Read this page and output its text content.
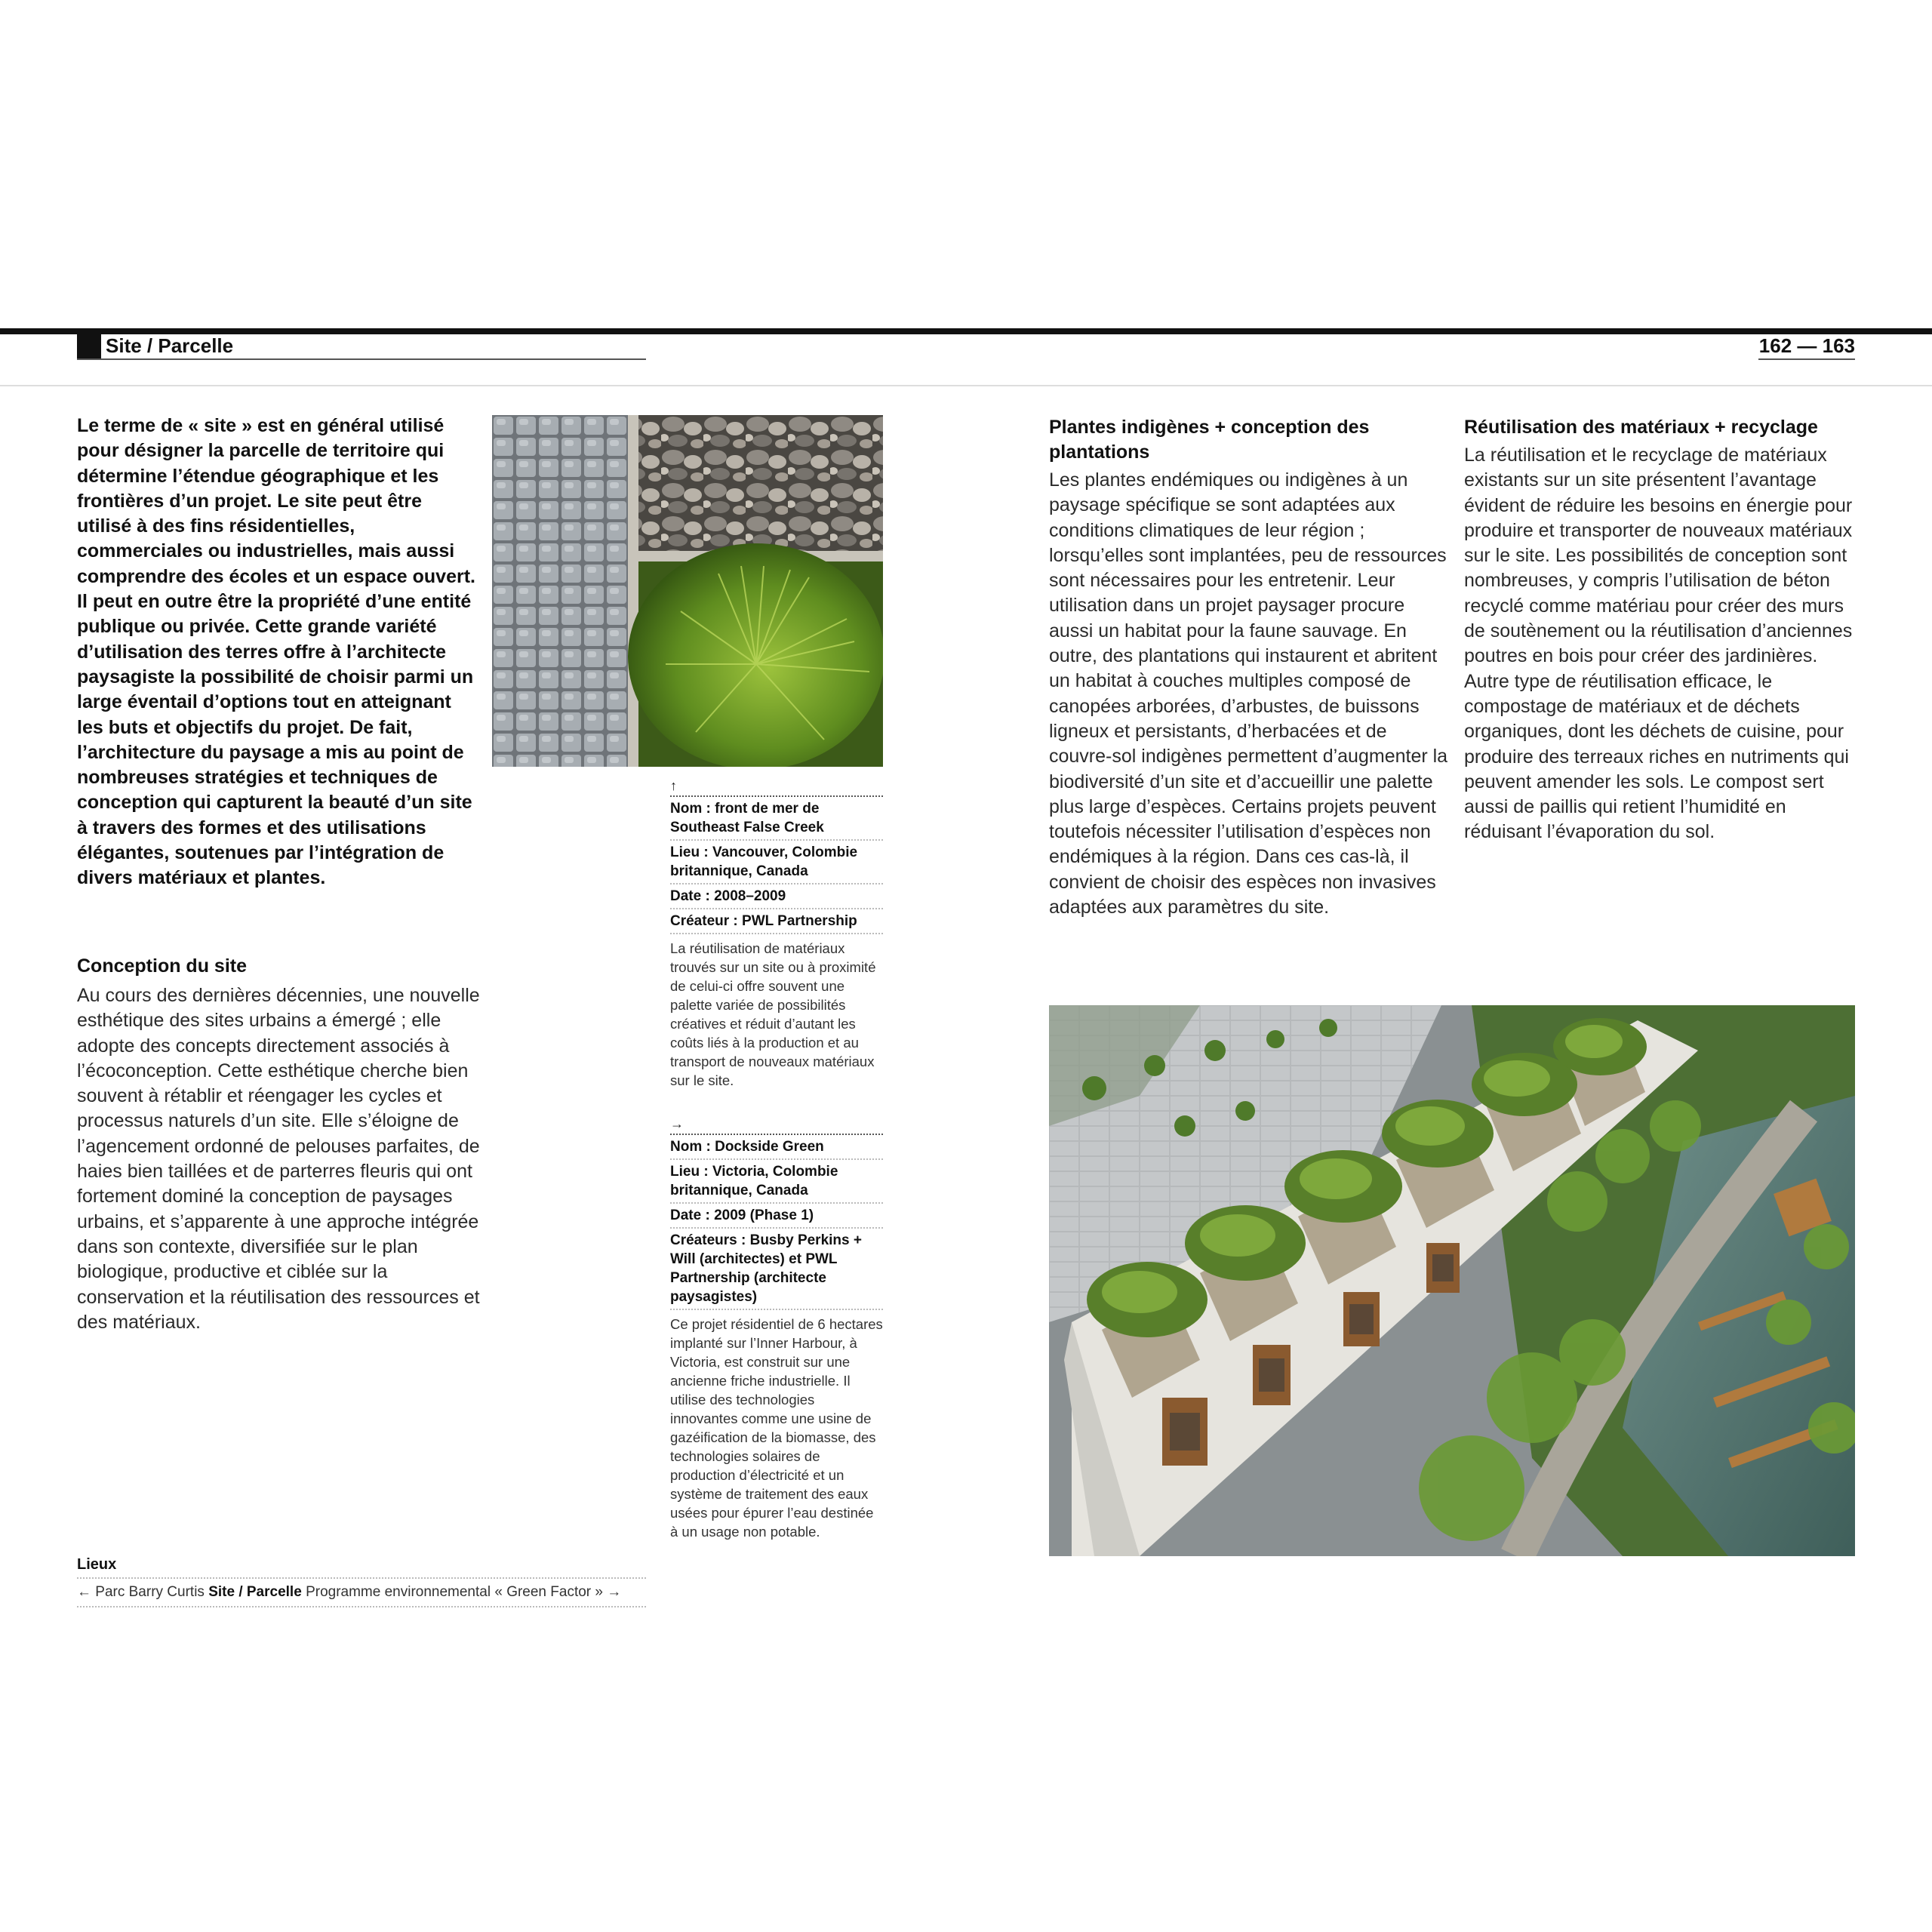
Site / Parcelle	162 — 163
Le terme de « site » est en général utilisé pour désigner la parcelle de territoire qui détermine l’étendue géographique et les frontières d’un projet. Le site peut être utilisé à des fins résidentielles, commerciales ou industrielles, mais aussi comprendre des écoles et un espace ouvert. Il peut en outre être la propriété d’une entité publique ou privée. Cette grande variété d’utilisation des terres offre à l’architecte paysagiste la possibilité de choisir parmi un large éventail d’options tout en atteignant les buts et objectifs du projet. De fait, l’architecture du paysage a mis au point de nombreuses stratégies et techniques de conception qui capturent la beauté d’un site à travers des formes et des utilisations élégantes, soutenues par l’intégration de divers matériaux et plantes.
Conception du site
Au cours des dernières décennies, une nouvelle esthétique des sites urbains a émergé ; elle adopte des concepts directement associés à l’écoconception. Cette esthétique cherche bien souvent à rétablir et réengager les cycles et processus naturels d’un site. Elle s’éloigne de l’agencement ordonné de pelouses parfaites, de haies bien taillées et de parterres fleuris qui ont fortement dominé la conception de paysages urbains, et s’apparente à une approche intégrée dans son contexte, diversifiée sur le plan biologique, productive et ciblée sur la conservation et la réutilisation des ressources et des matériaux.
↑
Nom : front de mer de Southeast False Creek
Lieu : Vancouver, Colombie britannique, Canada
Date : 2008–2009
Créateur : PWL Partnership
La réutilisation de matériaux trouvés sur un site ou à proximité de celui-ci offre souvent une palette variée de possibilités créatives et réduit d’autant les coûts liés à la production et au transport de nouveaux matériaux sur le site.
→
Nom : Dockside Green
Lieu : Victoria, Colombie britannique, Canada
Date : 2009 (Phase 1)
Créateurs : Busby Perkins + Will (architectes) et PWL Partnership (architecte paysagistes)
Ce projet résidentiel de 6 hectares implanté sur l’Inner Harbour, à Victoria, est construit sur une ancienne friche industrielle. Il utilise des technologies innovantes comme une usine de gazéification de la biomasse, des technologies solaires de production d’électricité et un système de traitement des eaux usées pour épurer l’eau destinée à un usage non potable.
Plantes indigènes + conception des plantations
Les plantes endémiques ou indigènes à un paysage spécifique se sont adaptées aux conditions climatiques de leur région ; lorsqu’elles sont implantées, peu de ressources sont nécessaires pour les entretenir. Leur utilisation dans un projet paysager procure aussi un habitat pour la faune sauvage. En outre, des plantations qui instaurent et abritent un habitat à couches multiples composé de canopées arborées, d’arbustes, de buissons ligneux et persistants, d’herbacées et de couvre-sol indigènes permettent d’augmenter la biodiversité d’un site et d’accueillir une palette plus large d’espèces. Certains projets peuvent toutefois nécessiter l’utilisation d’espèces non endémiques à la région. Dans ces cas-là, il convient de choisir des espèces non invasives adaptées aux paramètres du site.
Réutilisation des matériaux + recyclage
La réutilisation et le recyclage de matériaux existants sur un site présentent l’avantage évident de réduire les besoins en énergie pour produire et transporter de nouveaux matériaux sur le site. Les possibilités de conception sont nombreuses, y compris l’utilisation de béton recyclé comme matériau pour créer des murs de soutènement ou la réutilisation d’anciennes poutres en bois pour créer des jardinières. Autre type de réutilisation efficace, le compostage de matériaux et de déchets organiques, dont les déchets de cuisine, pour produire des terreaux riches en nutriments qui peuvent amender les sols. Le compost sert aussi de paillis qui retient l’humidité en réduisant l’évaporation du sol.
Lieux
← Parc Barry Curtis Site / Parcelle Programme environnemental « Green Factor » →
